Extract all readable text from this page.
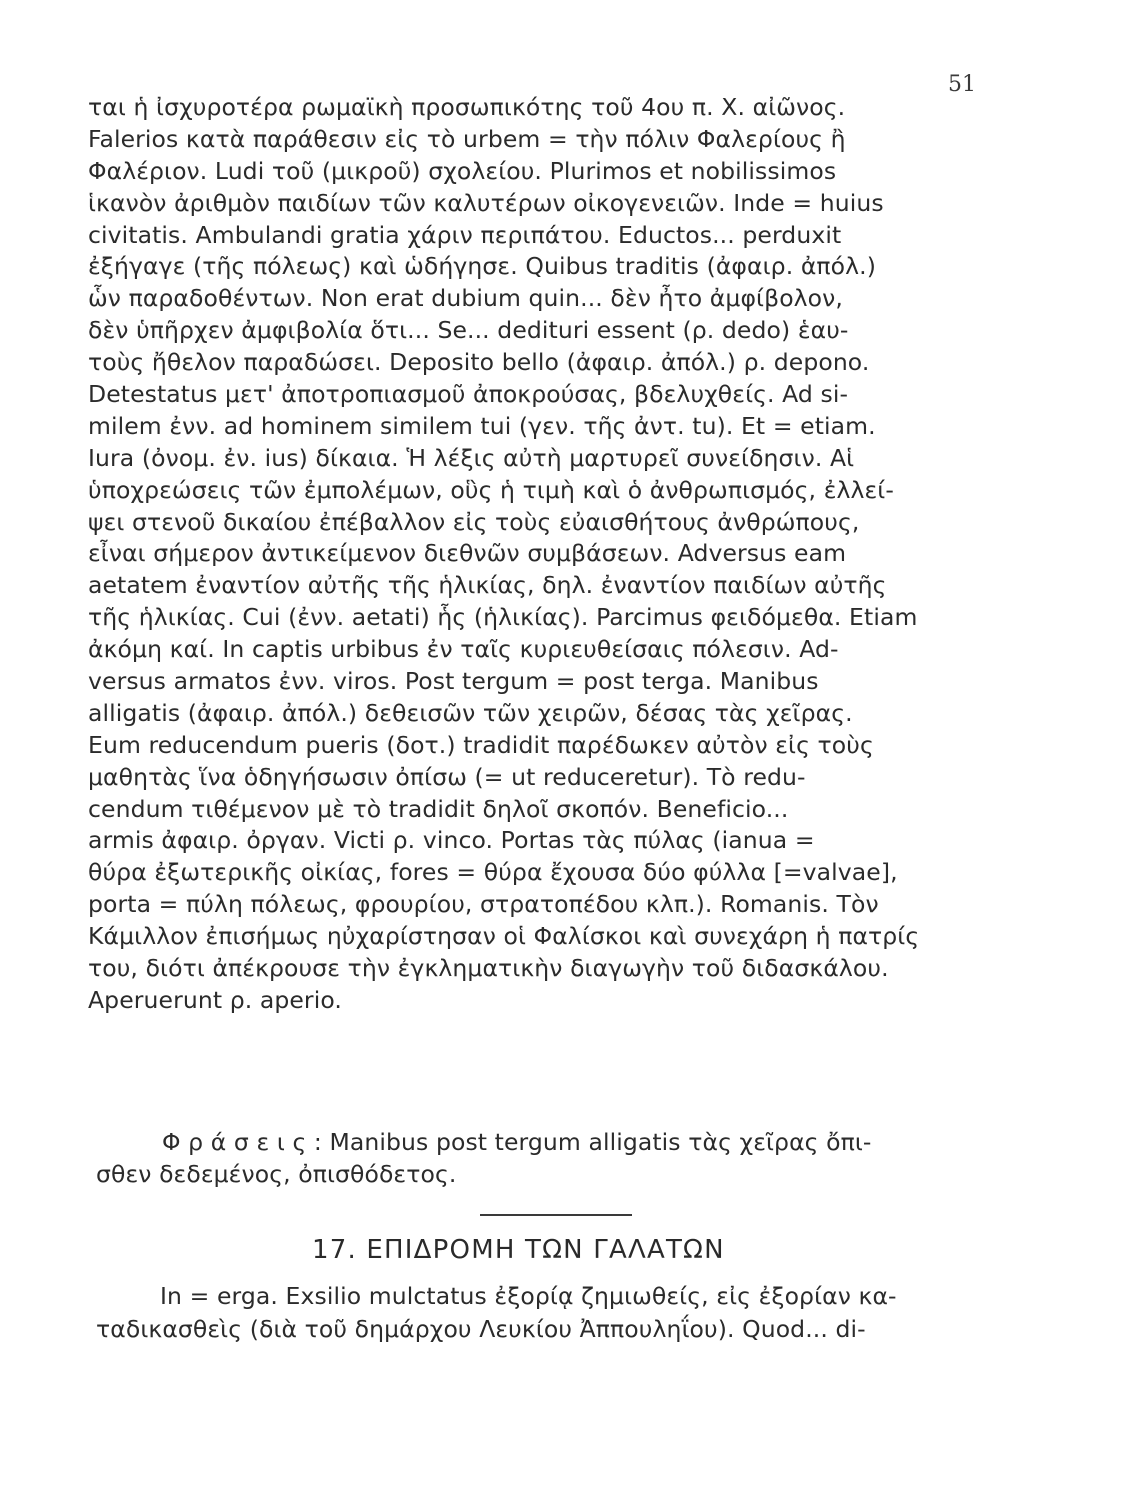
51
ται ἡ ἰσχυροτέρα ρωμαϊκὴ προσωπικότης τοῦ 4ου π. Χ. αἰῶνος.
Falerios κατὰ παράθεσιν εἰς τὸ urbem = τὴν πόλιν Φαλερίους ἢ
Φαλέριον. Ludi τοῦ (μικροῦ) σχολείου. Plurimos et nobilissimos
ἱκανὸν ἀριθμὸν παιδίων τῶν καλυτέρων οἰκογενειῶν. Inde = huius
civitatis. Ambulandi gratia χάριν περιπάτου. Eductos... perduxit
ἐξήγαγε (τῆς πόλεως) καὶ ὡδήγησε. Quibus traditis (ἀφαιρ. ἀπόλ.)
ὧν παραδοθέντων. Non erat dubium quin... δὲν ἦτο ἀμφίβολον,
δὲν ὑπῆρχεν ἀμφιβολία ὅτι... Se... dedituri essent (ρ. dedo) ἑαυ-
τοὺς ἤθελον παραδώσει. Deposito bello (ἀφαιρ. ἀπόλ.) ρ. depono.
Detestatus μετ' ἀποτροπιασμοῦ ἀποκρούσας, βδελυχθείς. Ad si-
milem ἐνν. ad hominem similem tui (γεν. τῆς ἀντ. tu). Et = etiam.
Iura (ὀνομ. ἐν. ius) δίκαια. Ἡ λέξις αὐτὴ μαρτυρεῖ συνείδησιν. Αἱ
ὑποχρεώσεις τῶν ἐμπολέμων, οὓς ἡ τιμὴ καὶ ὁ ἀνθρωπισμός, ἐλλεί-
ψει στενοῦ δικαίου ἐπέβαλλον εἰς τοὺς εὐαισθήτους ἀνθρώπους,
εἶναι σήμερον ἀντικείμενον διεθνῶν συμβάσεων. Adversus eam
aetatem ἐναντίον αὐτῆς τῆς ἡλικίας, δηλ. ἐναντίον παιδίων αὐτῆς
τῆς ἡλικίας. Cui (ἐνν. aetati) ἧς (ἡλικίας). Parcimus φειδόμεθα. Etiam
ἀκόμη καί. In captis urbibus ἐν ταῖς κυριευθείσαις πόλεσιν. Ad-
versus armatos ἐνν. viros. Post tergum = post terga. Manibus
alligatis (ἀφαιρ. ἀπόλ.) δεθεισῶν τῶν χειρῶν, δέσας τὰς χεῖρας.
Eum reducendum pueris (δοτ.) tradidit παρέδωκεν αὐτὸν εἰς τοὺς
μαθητὰς ἵνα ὁδηγήσωσιν ὀπίσω (= ut reduceretur). Τὸ redu-
cendum τιθέμενον μὲ τὸ tradidit δηλοῖ σκοπόν. Beneficio...
armis ἀφαιρ. ὀργαν. Victi ρ. vinco. Portas τὰς πύλας (ianua =
θύρα ἐξωτερικῆς οἰκίας, fores = θύρα ἔχουσα δύο φύλλα [=valvae],
porta = πύλη πόλεως, φρουρίου, στρατοπέδου κλπ.). Romanis. Τὸν
Κάμιλλον ἐπισήμως ηὐχαρίστησαν οἱ Φαλίσκοι καὶ συνεχάρη ἡ πατρίς
του, διότι ἀπέκρουσε τὴν ἐγκληματικὴν διαγωγὴν τοῦ διδασκάλου.
Aperuerunt ρ. aperio.
Φ ρ ά σ ε ι ς : Manibus post tergum alligatis τὰς χεῖρας ὄπι-
σθεν δεδεμένος, ὀπισθόδετος.
17. ΕΠΙΔΡΟΜΗ ΤΩΝ ΓΑΛΑΤΩΝ
In = erga. Exsilio mulctatus ἐξορίᾳ ζημιωθείς, εἰς ἐξορίαν κα-
ταδικασθεὶς (διὰ τοῦ δημάρχου Λευκίου Ἀππουληΐου). Quod... di-
